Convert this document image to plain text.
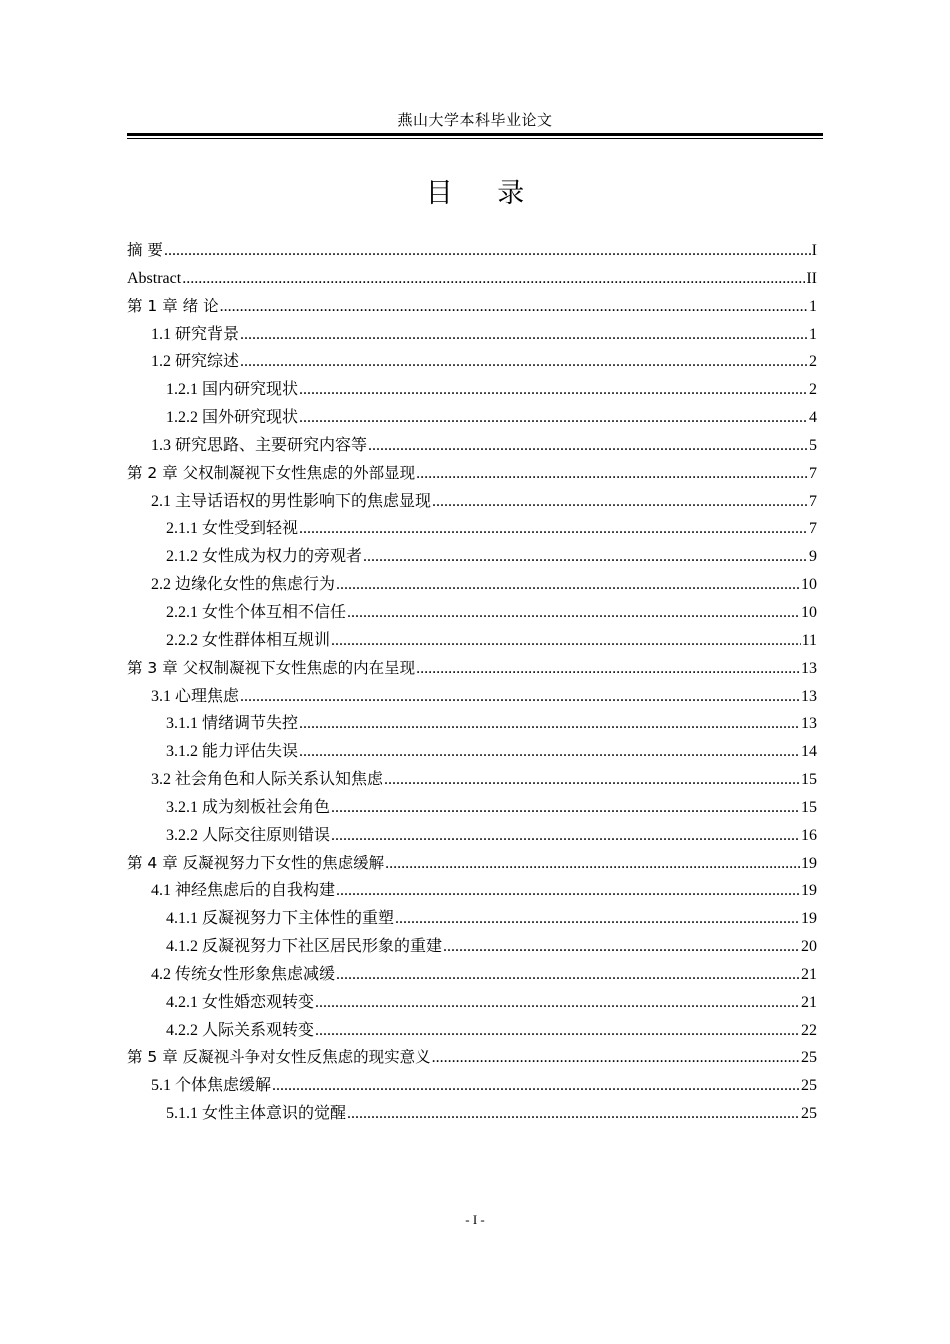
燕山大学本科毕业论文
目 录
摘 要 .....	I
Abstract .....	II
第 1 章 绪 论 .....	1
1.1 研究背景 .....	1
1.2 研究综述 .....	2
1.2.1 国内研究现状 .....	2
1.2.2 国外研究现状 .....	4
1.3 研究思路、主要研究内容等 .....	5
第 2 章 父权制凝视下女性焦虑的外部显现 .....	7
2.1 主导话语权的男性影响下的焦虑显现 .....	7
2.1.1 女性受到轻视 .....	7
2.1.2 女性成为权力的旁观者 .....	9
2.2 边缘化女性的焦虑行为 .....	10
2.2.1 女性个体互相不信任 .....	10
2.2.2 女性群体相互规训 .....	11
第 3 章 父权制凝视下女性焦虑的内在呈现 .....	13
3.1 心理焦虑 .....	13
3.1.1 情绪调节失控 .....	13
3.1.2 能力评估失误 .....	14
3.2 社会角色和人际关系认知焦虑 .....	15
3.2.1 成为刻板社会角色 .....	15
3.2.2 人际交往原则错误 .....	16
第 4 章 反凝视努力下女性的焦虑缓解 .....	19
4.1 神经焦虑后的自我构建 .....	19
4.1.1 反凝视努力下主体性的重塑 .....	19
4.1.2 反凝视努力下社区居民形象的重建 .....	20
4.2 传统女性形象焦虑减缓 .....	21
4.2.1 女性婚恋观转变 .....	21
4.2.2 人际关系观转变 .....	22
第 5 章 反凝视斗争对女性反焦虑的现实意义 .....	25
5.1 个体焦虑缓解 .....	25
5.1.1 女性主体意识的觉醒 .....	25
- I -
